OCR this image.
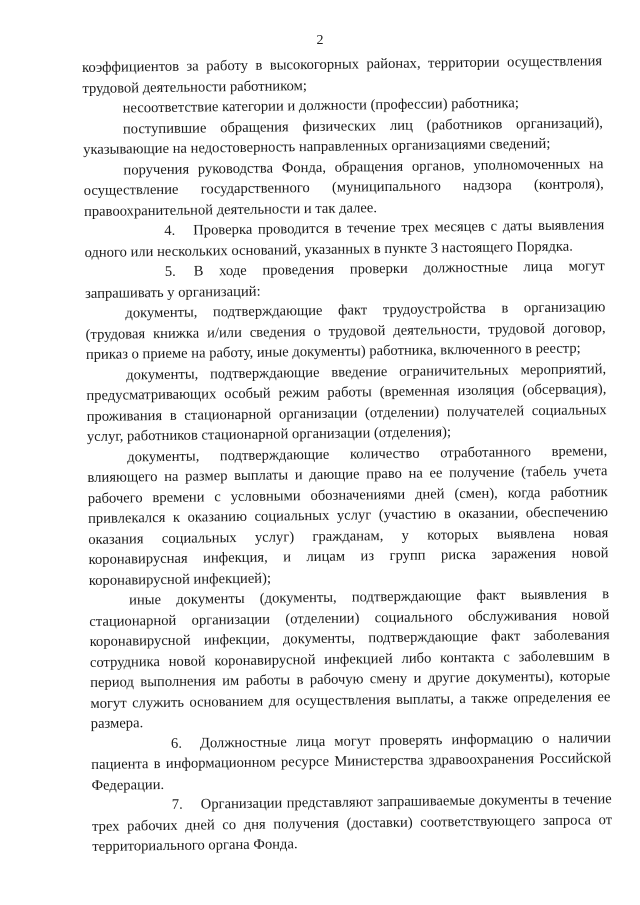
2

коэффициентов за работу в высокогорных районах, территории осуществления трудовой деятельности работником;

несоответствие категории и должности (профессии) работника;

поступившие обращения физических лиц (работников организаций), указывающие на недостоверность направленных организациями сведений;

поручения руководства Фонда, обращения органов, уполномоченных на осуществление государственного (муниципального надзора (контроля), правоохранительной деятельности и так далее.

4. Проверка проводится в течение трех месяцев с даты выявления одного или нескольких оснований, указанных в пункте 3 настоящего Порядка.

5. В ходе проведения проверки должностные лица могут запрашивать у организаций:

документы, подтверждающие факт трудоустройства в организацию (трудовая книжка и/или сведения о трудовой деятельности, трудовой договор, приказ о приеме на работу, иные документы) работника, включенного в реестр;

документы, подтверждающие введение ограничительных мероприятий, предусматривающих особый режим работы (временная изоляция (обсервация), проживания в стационарной организации (отделении) получателей социальных услуг, работников стационарной организации (отделения);

документы, подтверждающие количество отработанного времени, влияющего на размер выплаты и дающие право на ее получение (табель учета рабочего времени с условными обозначениями дней (смен), когда работник привлекался к оказанию социальных услуг (участию в оказании, обеспечению оказания социальных услуг) гражданам, у которых выявлена новая коронавирусная инфекция, и лицам из групп риска заражения новой коронавирусной инфекцией);

иные документы (документы, подтверждающие факт выявления в стационарной организации (отделении) социального обслуживания новой коронавирусной инфекции, документы, подтверждающие факт заболевания сотрудника новой коронавирусной инфекцией либо контакта с заболевшим в период выполнения им работы в рабочую смену и другие документы), которые могут служить основанием для осуществления выплаты, а также определения ее размера.

6. Должностные лица могут проверять информацию о наличии пациента в информационном ресурсе Министерства здравоохранения Российской Федерации.

7. Организации представляют запрашиваемые документы в течение трех рабочих дней со дня получения (доставки) соответствующего запроса от территориального органа Фонда.
